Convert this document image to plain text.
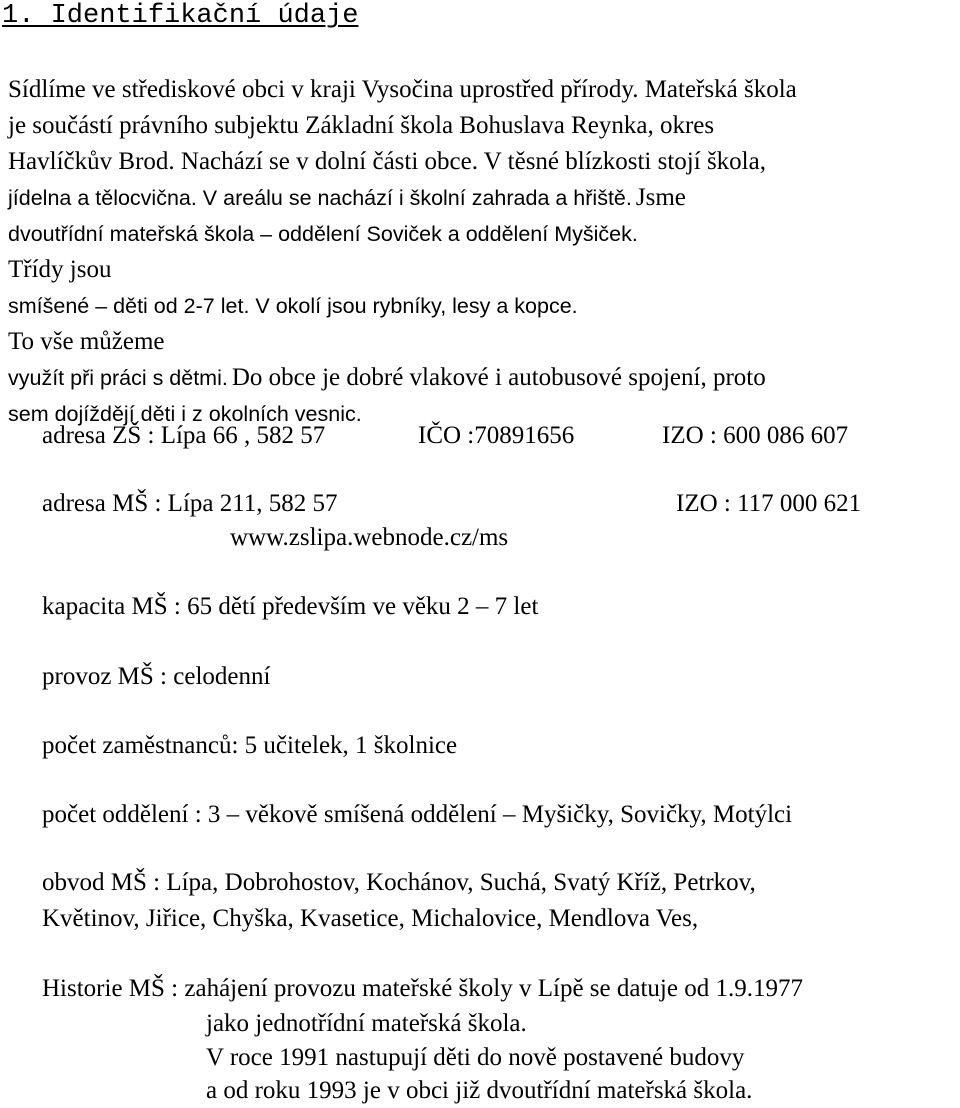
1. Identifikační údaje
Sídlíme ve střediskové obci v kraji Vysočina uprostřed přírody. Mateřská škola
je součástí právního subjektu Základní škola Bohuslava Reynka, okres
Havlíčkův Brod. Nachází se v dolní části obce. V těsné blízkosti stojí škola,
jídelna a tělocvična. V areálu se nachází i školní zahrada a hřiště. Jsme
dvoutřídní mateřská škola – oddělení Soviček a oddělení Myšiček.
Třídy jsou
smíšené – děti od 2-7 let. V okolí jsou rybníky, lesy a kopce.
To vše můžeme
využít při práci s dětmi. Do obce je dobré vlakové i autobusové spojení, proto
sem dojíždějí děti i z okolních vesnic.
adresa ZŠ : Lípa 66 , 582 57	IČO :70891656	IZO : 600 086 607
adresa MŠ : Lípa 211, 582 57	IZO : 117 000 621
www.zslipa.webnode.cz/ms
kapacita MŠ : 65 dětí především ve věku 2 – 7 let
provoz MŠ : celodenní
počet zaměstnanců: 5 učitelek, 1 školnice
počet oddělení : 3 – věkově smíšená oddělení – Myšičky, Sovičky, Motýlci
obvod MŠ : Lípa, Dobrohostov, Kochánov, Suchá, Svatý Kříž, Petrkov,
Květinov, Jiřice, Chyška, Kvasetice, Michalovice, Mendlova Ves,
Historie MŠ : zahájení provozu mateřské školy v Lípě se datuje od 1.9.1977
jako jednotřídní mateřská škola.
V roce 1991 nastupují děti do nově postavené budovy
a od roku 1993 je v obci již dvoutřídní mateřská škola.
